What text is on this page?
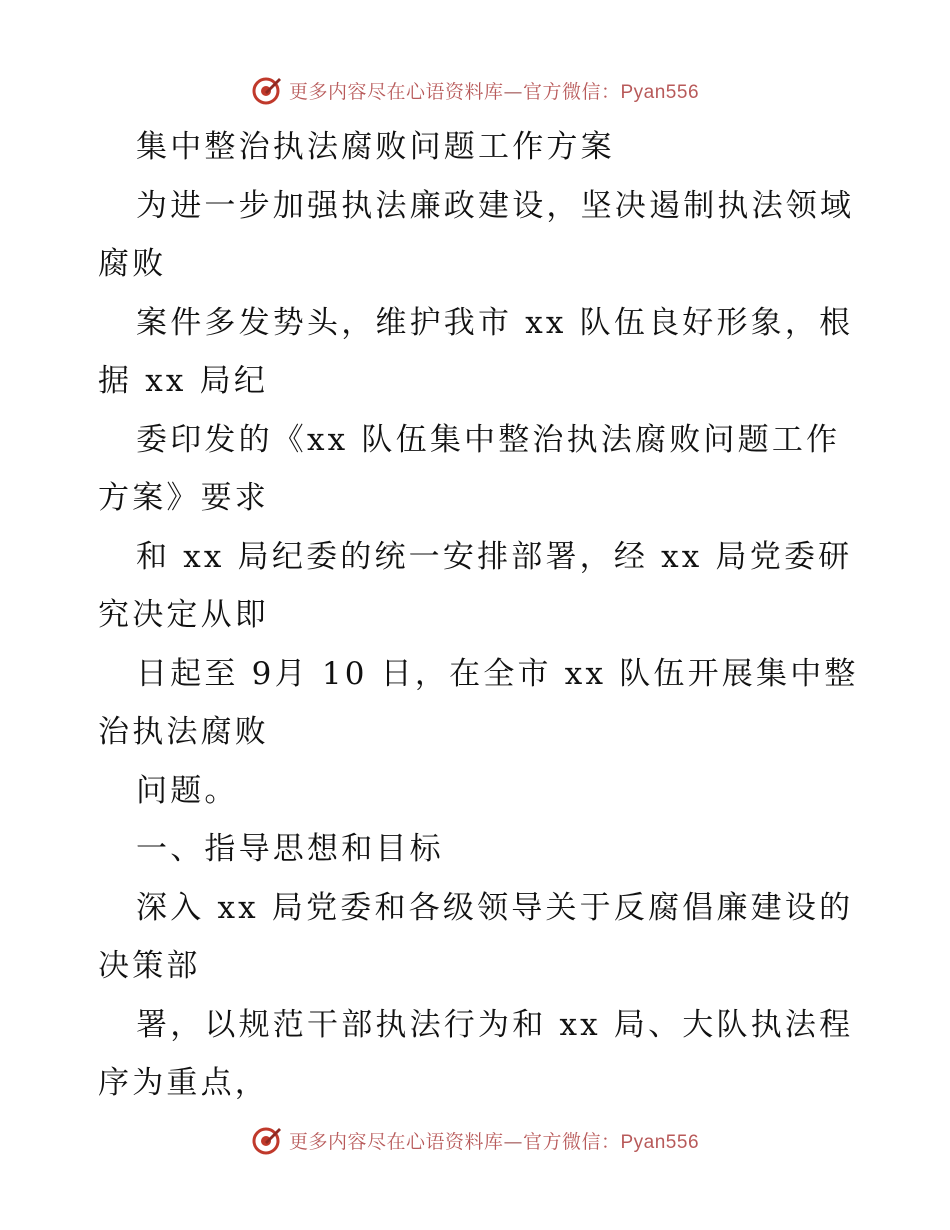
更多内容尽在心语资料库—官方微信：Pyan556
集中整治执法腐败问题工作方案
为进一步加强执法廉政建设，坚决遏制执法领域
腐败
案件多发势头，维护我市 xx 队伍良好形象，根
据 xx 局纪
委印发的《xx 队伍集中整治执法腐败问题工作
方案》要求
和 xx 局纪委的统一安排部署，经 xx 局党委研
究决定从即
日起至 9月 10 日，在全市 xx 队伍开展集中整
治执法腐败
问题。
一、指导思想和目标
深入 xx 局党委和各级领导关于反腐倡廉建设的
决策部
署，以规范干部执法行为和 xx 局、大队执法程
序为重点，
更多内容尽在心语资料库—官方微信：Pyan556
